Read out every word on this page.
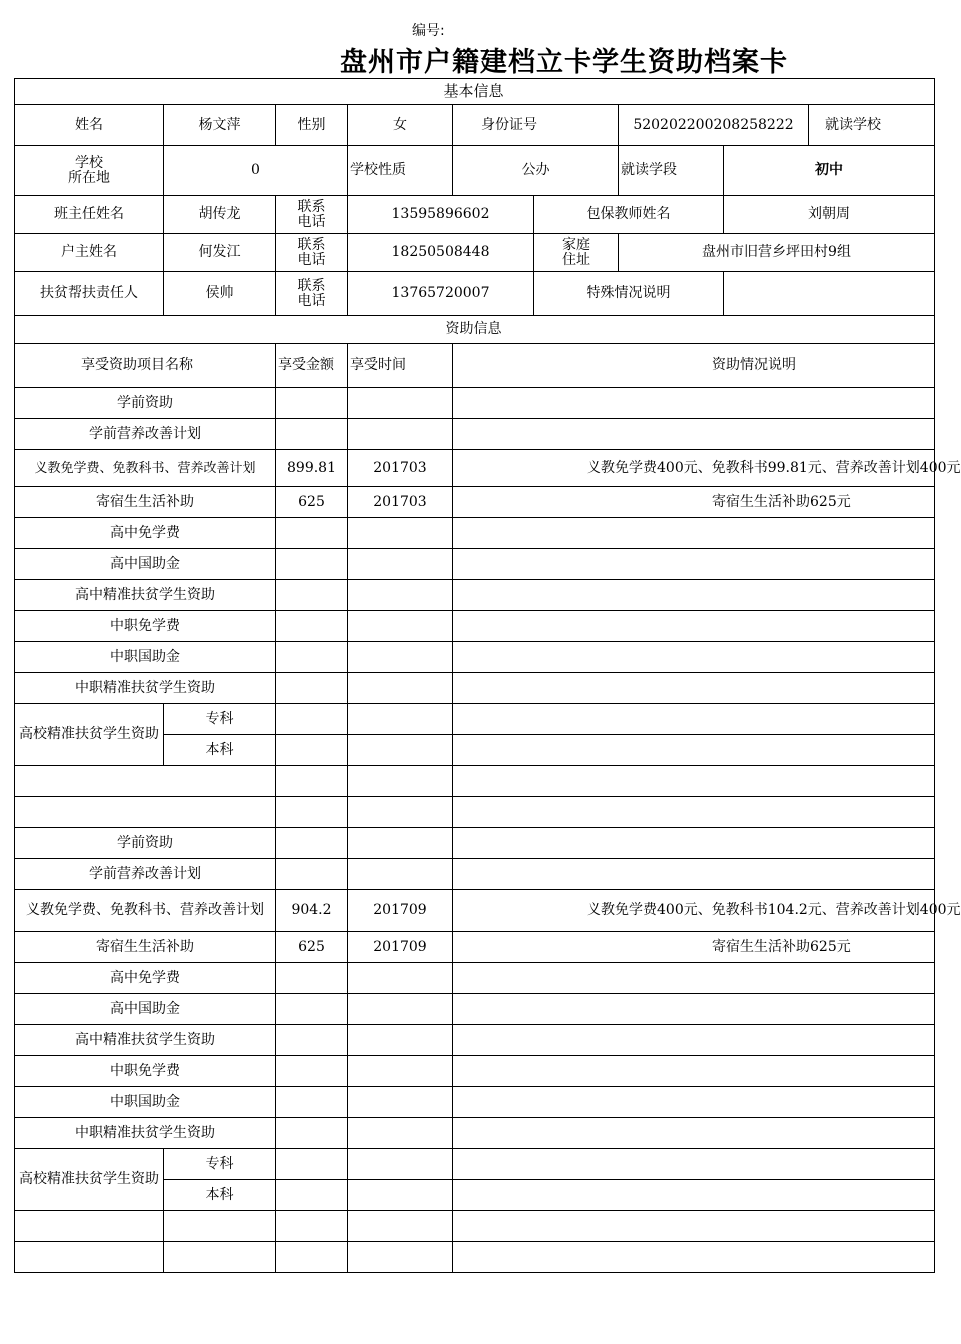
编号:
盘州市户籍建档立卡学生资助档案卡
基本信息								
姓名	杨文萍	性别	女	身份证号		520202200208258222		就读学校
学校
所在地	0		学校性质	公办		就读学段	初中	
班主任姓名	胡传龙	联系
电话	13595896602		包保教师姓名		刘朝周	
户主姓名	何发江	联系
电话	18250508448		家庭
住址	盘州市旧营乡坪田村9组		
扶贫帮扶责任人	侯帅	联系
电话	13765720007		特殊情况说明			
资助信息								
享受资助项目名称		享受金额	享受时间	资助情况说明				
学前资助								
学前营养改善计划								
义教免学费、免教科书、营养改善计划		899.81	201703	义教免学费400元、免教科书99.81元、营养改善计划400元				
寄宿生生活补助		625	201703	寄宿生生活补助625元				
高中免学费								
高中国助金								
高中精准扶贫学生资助								
中职免学费								
中职国助金								
中职精准扶贫学生资助								
高校精准扶贫学生资助	专科							
	本科							

学前资助								
学前营养改善计划								
义教免学费、免教科书、营养改善计划		904.2	201709	义教免学费400元、免教科书104.2元、营养改善计划400元				
寄宿生生活补助		625	201709	寄宿生生活补助625元				
高中免学费								
高中国助金								
高中精准扶贫学生资助								
中职免学费								
中职国助金								
中职精准扶贫学生资助								
高校精准扶贫学生资助	专科							
	本科							
